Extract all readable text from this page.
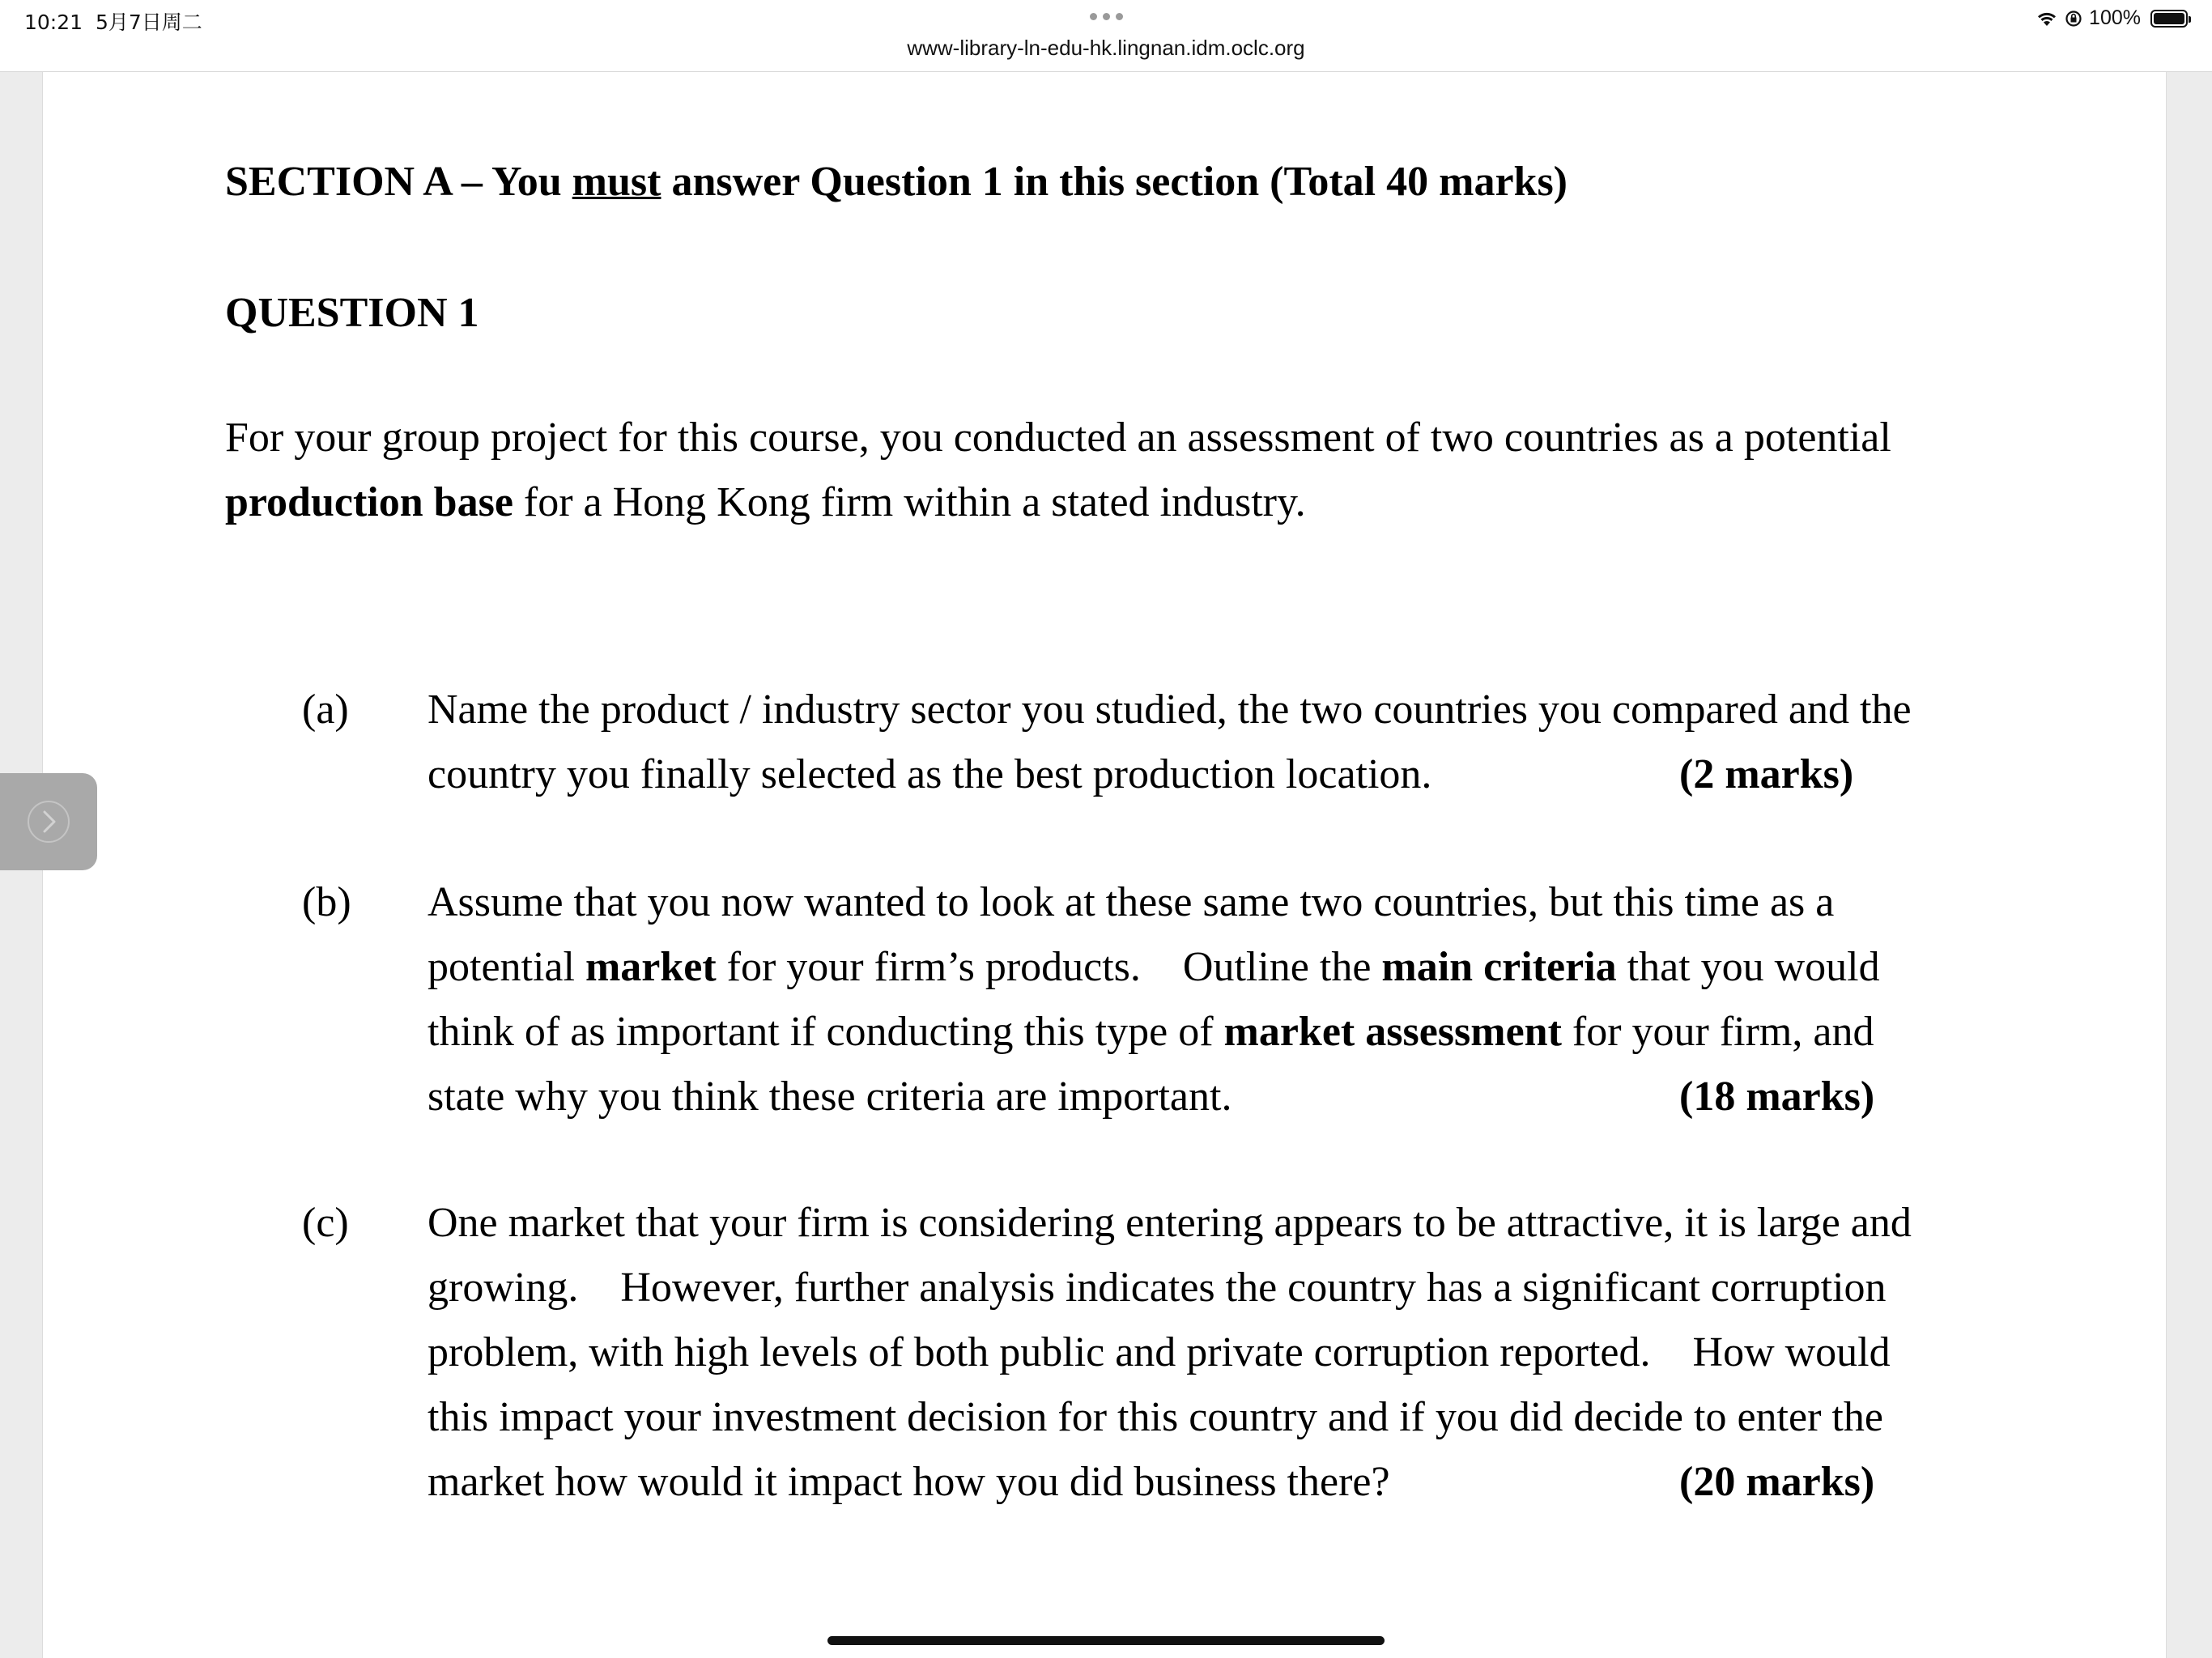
10:21 5月7日周二
www-library-ln-edu-hk.lingnan.idm.oclc.org
100%
SECTION A – You must answer Question 1 in this section (Total 40 marks)
QUESTION 1
For your group project for this course, you conducted an assessment of two countries as a potential
production base for a Hong Kong firm within a stated industry.
(a) Name the product / industry sector you studied, the two countries you compared and the
country you finally selected as the best production location.	(2 marks)
(b) Assume that you now wanted to look at these same two countries, but this time as a
potential market for your firm’s products.    Outline the main criteria that you would
think of as important if conducting this type of market assessment for your firm, and
state why you think these criteria are important.	(18 marks)
(c) One market that your firm is considering entering appears to be attractive, it is large and
growing.    However, further analysis indicates the country has a significant corruption
problem, with high levels of both public and private corruption reported.    How would
this impact your investment decision for this country and if you did decide to enter the
market how would it impact how you did business there?	(20 marks)
